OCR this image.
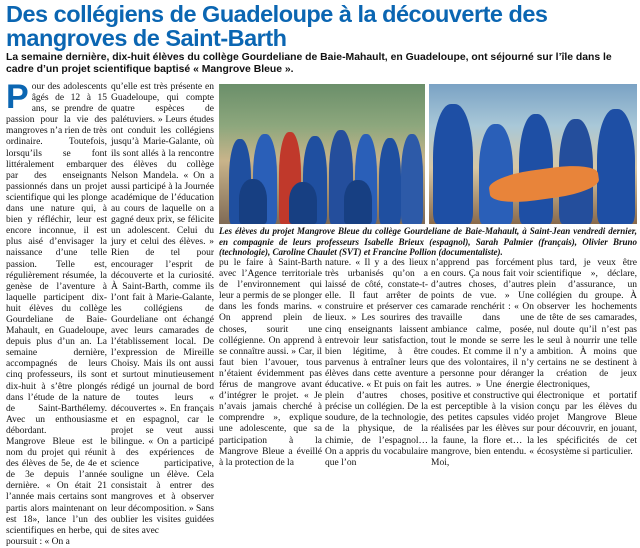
Des collégiens de Guadeloupe à la découverte des mangroves de Saint-Barth
La semaine dernière, dix-huit élèves du collège Gourdeliane de Baie-Mahault, en Guadeloupe, ont séjourné sur l’île dans le cadre d’un projet scientifique baptisé « Mangrove Bleue ».
P our des adolescents âgés de 12 à 15 ans, se prendre de passion pour la vie des mangroves n’a rien de très ordinaire. Toutefois, lorsqu’ils se font littéralement embarquer par des enseignants passionnés dans un projet scientifique qui les plonge dans une nature qui, à bien y réfléchir, leur est encore inconnue, il est plus aisé d’envisager la naissance d’une telle passion. Telle est, régulièrement résumée, la genèse de l’aventure à laquelle participent dix-huit élèves du collège Gourdeliane de Baie-Mahault, en Guadeloupe, depuis plus d’un an. La semaine dernière, accompagnés de leurs cinq professeurs, ils sont dix-huit à s’être plongés dans l’étude de la nature de Saint-Barthélemy. Avec un enthousiasme débordant.

Mangrove Bleue est le nom du projet qui réunit des élèves de 5e, de 4e et de 3e depuis l’année dernière. « On était 21 l’année mais certains sont partis alors maintenant on est 18», lance l’un des scientifiques en herbe, qui poursuit : « On a

qu’elle est très présente en Guadeloupe, qui compte quatre espèces de palétuviers. » Leurs études ont conduit les collégiens jusqu’à Marie-Galante, où ils sont allés à la rencontre des élèves du collège Nelson Mandela. « On a aussi participé à la Journée académique de l’éducation au cours de laquelle on a gagné deux prix, se félicite un adolescent. Celui du jury et celui des élèves. » Rien de tel pour encourager l’esprit de découverte et la curiosité. À Saint-Barth, comme ils l’ont fait à Marie-Galante, les collégiens de Gourdeliane ont échangé avec leurs camarades de l’établissement local. De l’expression de Mireille Choisy. Mais ils ont aussi et surtout minutieusement rédigé un journal de bord de toutes leurs « découvertes ». En français et en espagnol, car le projet se veut aussi bilingue. « On a participé à des expériences de science participative, souligne un élève. Cela consistait à entrer des mangroves et à observer leur décomposition. » Sans oublier les visites guidées de sites avec

Les élèves du projet Mangrove Bleue du collège Gourdeliane de Baie-Mahault, à Saint-Jean vendredi dernier, en compagnie de leurs professeurs Isabelle Brieux (espagnol), Sarah Palmier (français), Olivier Bruno (technologie), Caroline Chaulet (SVT) et Francine Pollion (documentaliste).

pu le faire à Saint-Barth avec l’Agence territoriale de l’environnement qui leur a permis de se plonger dans les fonds marins. « On apprend plein de choses, sourit une collégienne. On apprend à se connaître aussi. » Car, il faut bien l’avouer, tous n’étaient évidemment pas férus de mangrove avant d’intégrer le projet. « Je n’avais jamais cherché à comprendre », explique une adolescente, que sa participation à la Mangrove Bleue a éveillé à la protection de la

nature. « Il y a des lieux très urbanisés qu’on a laissé de côté, constate-t-elle. Il faut arrêter de construire et préserver ces lieux. » Les sourires des cinq enseignants laissent entrevoir leur satisfaction, bien légitime, à être parvenus à entraîner leurs élèves dans cette aventure éducative. « Et puis on fait plein d’autres choses, précise un collégien. De la soudure, de la technologie, de la physique, de la chimie, de l’espagnol… On a appris du vocabulaire que l’on

n’apprend pas forcément en cours. Ça nous fait voir d’autres choses, d’autres points de vue. » Une camarade renchérit : « On travaille dans une ambiance calme, posée, tout le monde se serre les coudes. Et comme il n’y a que des volontaires, il n’y a personne pour déranger les autres. » Une énergie positive et constructive qui est perceptible à la vision des petites capsules vidéo réalisées par les élèves sur la faune, la flore et… la mangrove, bien entendu. « Moi,

plus tard, je veux être scientifique », déclare, plein d’assurance, un collégien du groupe. À observer les hochements de tête de ses camarades, nul doute qu’il n’est pas le seul à nourrir une telle ambition. À moins que certains ne se destinent à la création de jeux électroniques, électronique et portatif conçu par les élèves du projet Mangrove Bleue pour découvrir, en jouant, les spécificités de cet écosystème si particulier.
